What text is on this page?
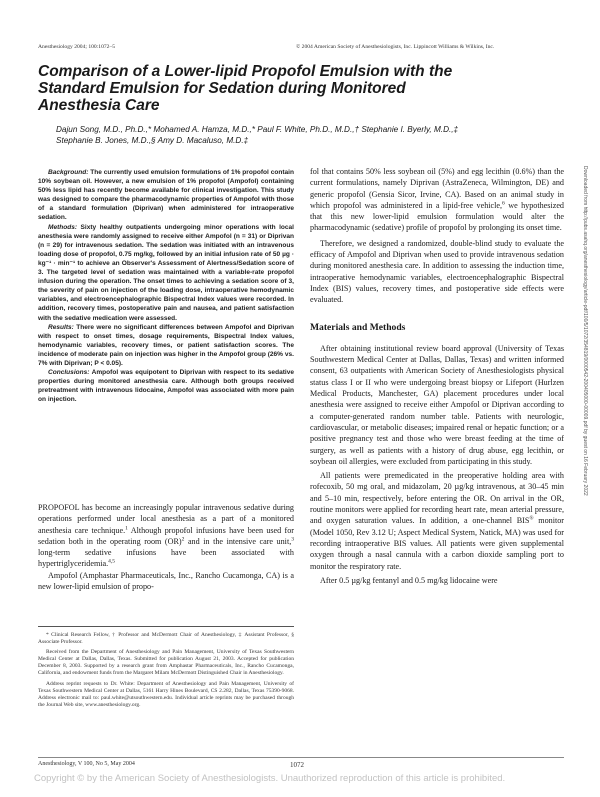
Anesthesiology 2004; 100:1072–5	© 2004 American Society of Anesthesiologists, Inc. Lippincott Williams & Wilkins, Inc.
Comparison of a Lower-lipid Propofol Emulsion with the
Standard Emulsion for Sedation during Monitored
Anesthesia Care
Dajun Song, M.D., Ph.D.,* Mohamed A. Hamza, M.D.,* Paul F. White, Ph.D., M.D.,† Stephanie I. Byerly, M.D.,‡
Stephanie B. Jones, M.D.,§ Amy D. Macaluso, M.D.‡

Background: The currently used emulsion formulations of 1% propofol contain 10% soybean oil. However, a new emulsion of 1% propofol (Ampofol) containing 50% less lipid has recently become available for clinical investigation. This study was designed to compare the pharmacodynamic properties of Ampofol with those of a standard formulation (Diprivan) when administered for intraoperative sedation.

Methods: Sixty healthy outpatients undergoing minor operations with local anesthesia were randomly assigned to receive either Ampofol (n = 31) or Diprivan (n = 29) for intravenous sedation. The sedation was initiated with an intravenous loading dose of propofol, 0.75 mg/kg, followed by an initial infusion rate of 50 µg · kg⁻¹ · min⁻¹ to achieve an Observer's Assessment of Alertness/Sedation score of 3. The targeted level of sedation was maintained with a variable-rate propofol infusion during the operation. The onset times to achieving a sedation score of 3, the severity of pain on injection of the loading dose, intraoperative hemodynamic variables, and electroencephalographic Bispectral Index values were recorded. In addition, recovery times, postoperative pain and nausea, and patient satisfaction with the sedative medication were assessed.

Results: There were no significant differences between Ampofol and Diprivan with respect to onset times, dosage requirements, Bispectral Index values, hemodynamic variables, recovery times, or patient satisfaction scores. The incidence of moderate pain on injection was higher in the Ampofol group (26% vs. 7% with Diprivan; P < 0.05).

Conclusions: Ampofol was equipotent to Diprivan with respect to its sedative properties during monitored anesthesia care. Although both groups received pretreatment with intravenous lidocaine, Ampofol was associated with more pain on injection.

PROPOFOL has become an increasingly popular intravenous sedative during operations performed under local anesthesia as a part of a monitored anesthesia care technique.$^1$ Although propofol infusions have been used for sedation both in the operating room (OR)$^2$ and in the intensive care unit,$^3$ long-term sedative infusions have been associated with hypertriglyceridemia.$^{4,5}$

Ampofol (Amphastar Pharmaceuticals, Inc., Rancho Cucamonga, CA) is a new lower-lipid emulsion of propo-

* Clinical Research Fellow, † Professor and McDermott Chair of Anesthesiology, ‡ Assistant Professor, § Associate Professor.

Received from the Department of Anesthesiology and Pain Management, University of Texas Southwestern Medical Center at Dallas, Dallas, Texas. Submitted for publication August 21, 2003. Accepted for publication December 8, 2003. Supported by a research grant from Amphastar Pharmaceuticals, Inc., Rancho Cucamonga, California, and endowment funds from the Margaret Milam McDermott Distinguished Chair in Anesthesiology.

Address reprint requests to Dr. White: Department of Anesthesiology and Pain Management, University of Texas Southwestern Medical Center at Dallas, 5161 Harry Hines Boulevard, CS 2.282, Dallas, Texas 75390-9068. Address electronic mail to: paul.white@utsouthwestern.edu. Individual article reprints may be purchased through the Journal Web site, www.anesthesiology.org.

fol that contains 50% less soybean oil (5%) and egg lecithin (0.6%) than the current formulations, namely Diprivan (AstraZeneca, Wilmington, DE) and generic propofol (Gensia Sicor, Irvine, CA). Based on an animal study in which propofol was administered in a lipid-free vehicle,$^6$ we hypothesized that this new lower-lipid emulsion formulation would alter the pharmacodynamic (sedative) profile of propofol by prolonging its onset time.

Therefore, we designed a randomized, double-blind study to evaluate the efficacy of Ampofol and Diprivan when used to provide intravenous sedation during monitored anesthesia care. In addition to assessing the induction time, intraoperative hemodynamic variables, electroencephalographic Bispectral Index (BIS) values, recovery times, and postoperative side effects were evaluated.

Materials and Methods

After obtaining institutional review board approval (University of Texas Southwestern Medical Center at Dallas, Dallas, Texas) and written informed consent, 63 outpatients with American Society of Anesthesiologists physical status class I or II who were undergoing breast biopsy or Lifeport (Hurlzen Medical Products, Manchester, GA) placement procedures under local anesthesia were assigned to receive either Ampofol or Diprivan according to a computer-generated random number table. Patients with neurologic, cardiovascular, or metabolic diseases; impaired renal or hepatic function; or a positive pregnancy test and those who were breast feeding at the time of surgery, as well as patients with a history of drug abuse, egg lecithin, or soybean oil allergies, were excluded from participating in this study.

All patients were premedicated in the preoperative holding area with rofecoxib, 50 mg oral, and midazolam, 20 µg/kg intravenous, at 30–45 min and 5–10 min, respectively, before entering the OR. On arrival in the OR, routine monitors were applied for recording heart rate, mean arterial pressure, and oxygen saturation values. In addition, a one-channel BIS® monitor (Model 1050, Rev 3.12 U; Aspect Medical System, Natick, MA) was used for recording intraoperative BIS values. All patients were given supplemental oxygen through a nasal cannula with a carbon dioxide sampling port to monitor the respiratory rate.

After 0.5 µg/kg fentanyl and 0.5 mg/kg lidocaine were

Anesthesiology, V 100, No 5, May 2004	1072
Copyright © by the American Society of Anesthesiologists. Unauthorized reproduction of this article is prohibited.
Downloaded from http://pubs.asahq.org/anesthesiology/article-pdf/100/5/1072/354819/0000542-200405000-00009.pdf by guest on 16 February 2022
